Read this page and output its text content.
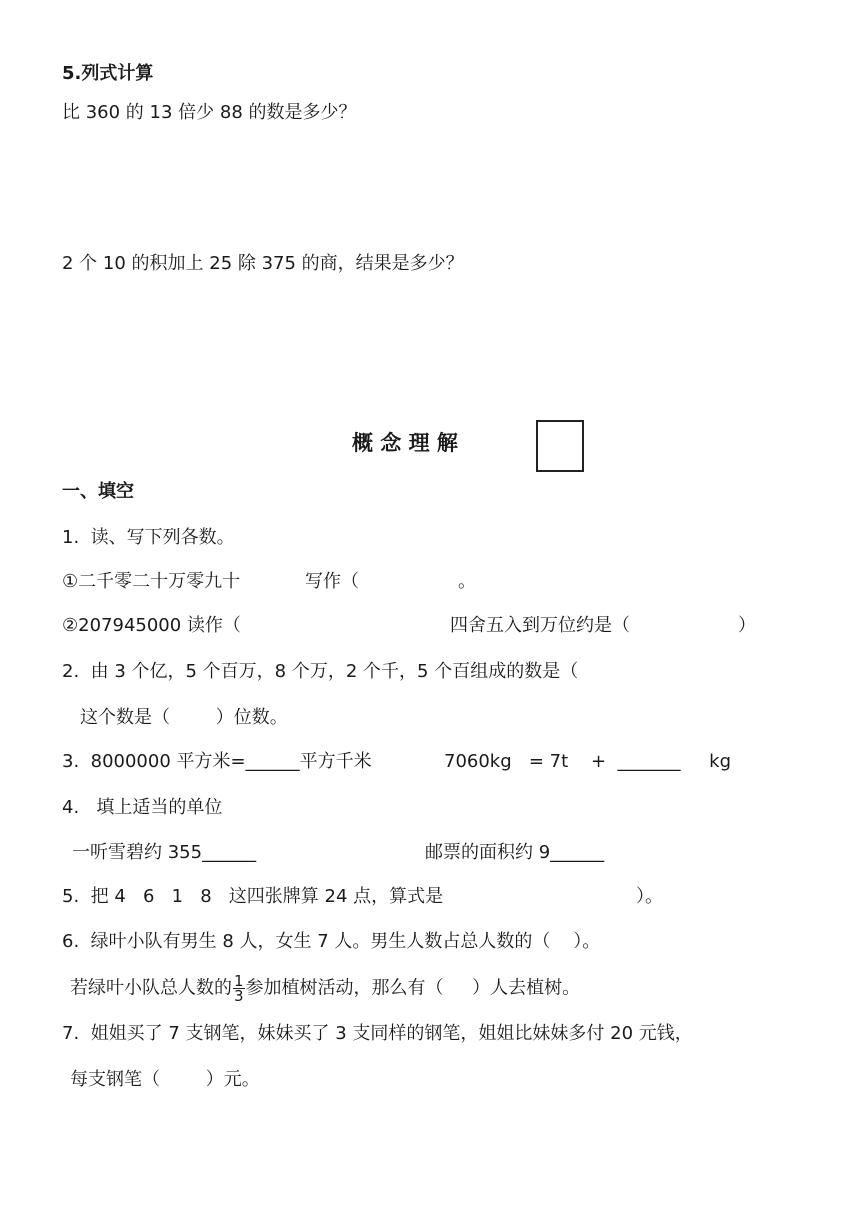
5.列式计算
比 360 的 13 倍少 88 的数是多少？
2 个 10 的积加上 25 除 375 的商，结果是多少？
概 念 理 解
一、填空
1.  读、写下列各数。
①二千零二十万零九十	写作（	。
②207945000 读作（	四舍五入到万位约是（	）
2.  由 3 个亿，5 个百万，8 个万，2 个千，5 个百组成的数是（
这个数是（        ）位数。
3.  8000000 平方米=______平方千米	7060kg   = 7t    +  _______     kg
4.   填上适当的单位
一听雪碧约 355______	邮票的面积约 9______
5.  把 4   6   1   8   这四张牌算 24 点，算式是	）。
6.  绿叶小队有男生 8 人，女生 7 人。男生人数占总人数的（    ）。
若绿叶小队总人数的 $\frac{1}{3}$ 参加植树活动，那么有（     ）人去植树。
7.  姐姐买了 7 支钢笔，妹妹买了 3 支同样的钢笔，姐姐比妹妹多付 20 元钱，
每支钢笔（        ）元。
